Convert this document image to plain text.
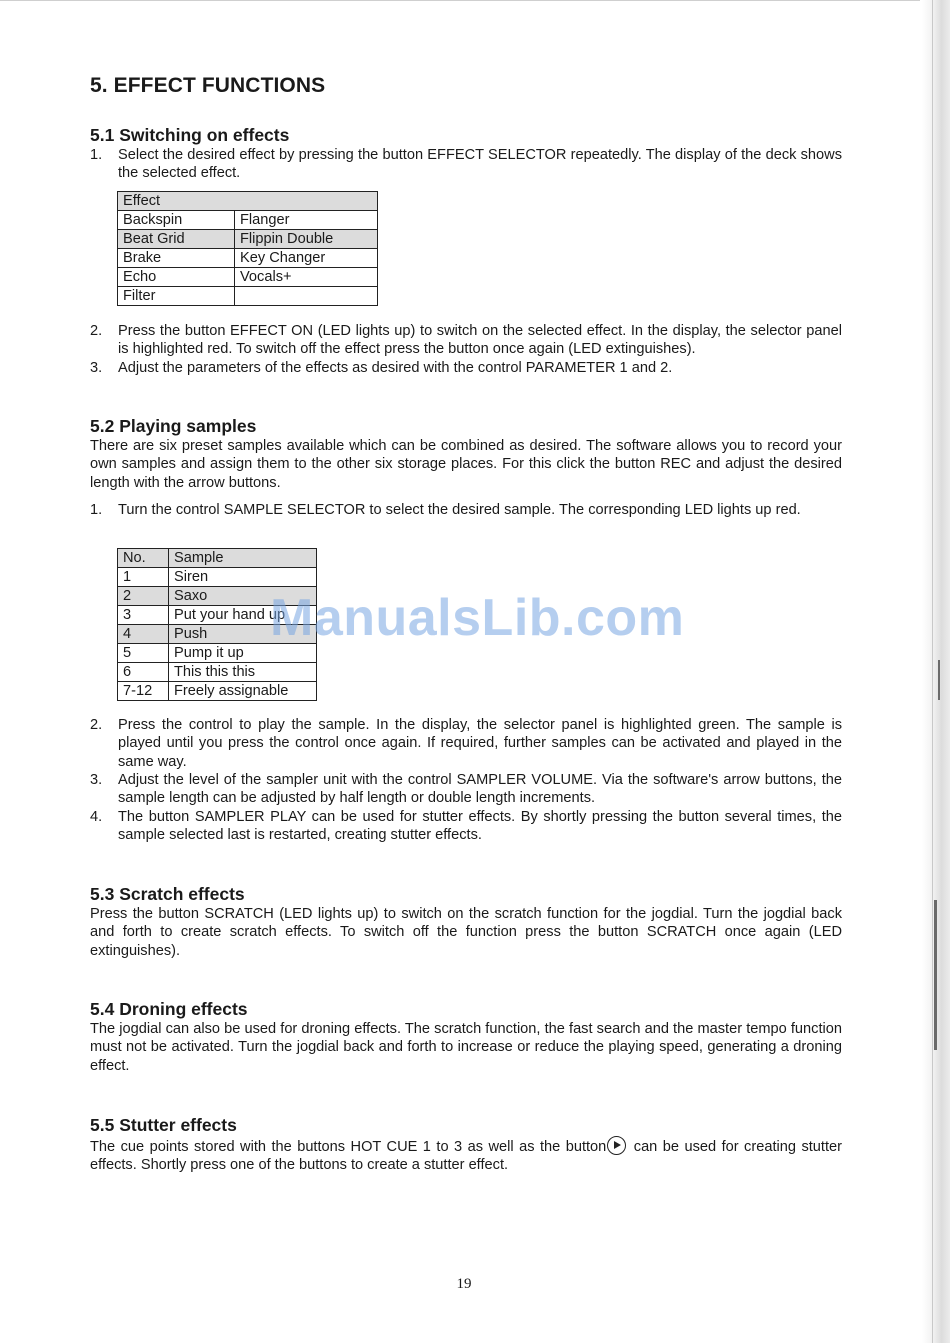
5. EFFECT FUNCTIONS
5.1 Switching on effects
1. Select the desired effect by pressing the button EFFECT SELECTOR repeatedly. The display of the deck shows the selected effect.
Effect	
Backspin	Flanger
Beat Grid	Flippin Double
Brake	Key Changer
Echo	Vocals+
Filter	
2. Press the button EFFECT ON (LED lights up) to switch on the selected effect. In the display, the selector panel is highlighted red. To switch off the effect press the button once again (LED extinguishes).
3. Adjust the parameters of the effects as desired with the control PARAMETER 1 and 2.
5.2 Playing samples

There are six preset samples available which can be combined as desired. The software allows you to record your own samples and assign them to the other six storage places. For this click the button REC and adjust the desired length with the arrow buttons.

1. Turn the control SAMPLE SELECTOR to select the desired sample. The corresponding LED lights up red.
No.	Sample
1	Siren
2	Saxo
3	Put your hand up
4	Push
5	Pump it up
6	This this this
7-12	Freely assignable
ManualsLib.com
2. Press the control to play the sample. In the display, the selector panel is highlighted green. The sample is played until you press the control once again. If required, further samples can be activated and played in the same way.
3. Adjust the level of the sampler unit with the control SAMPLER VOLUME. Via the software's arrow buttons, the sample length can be adjusted by half length or double length increments.
4. The button SAMPLER PLAY can be used for stutter effects. By shortly pressing the button several times, the sample selected last is restarted, creating stutter effects.
5.3 Scratch effects

Press the button SCRATCH (LED lights up) to switch on the scratch function for the jogdial. Turn the jogdial back and forth to create scratch effects. To switch off the function press the button SCRATCH once again (LED extinguishes).

5.4 Droning effects

The jogdial can also be used for droning effects. The scratch function, the fast search and the master tempo function must not be activated. Turn the jogdial back and forth to increase or reduce the playing speed, generating a droning effect.

5.5 Stutter effects

The cue points stored with the buttons HOT CUE 1 to 3 as well as the button can be used for creating stutter effects. Shortly press one of the buttons to create a stutter effect.

19
